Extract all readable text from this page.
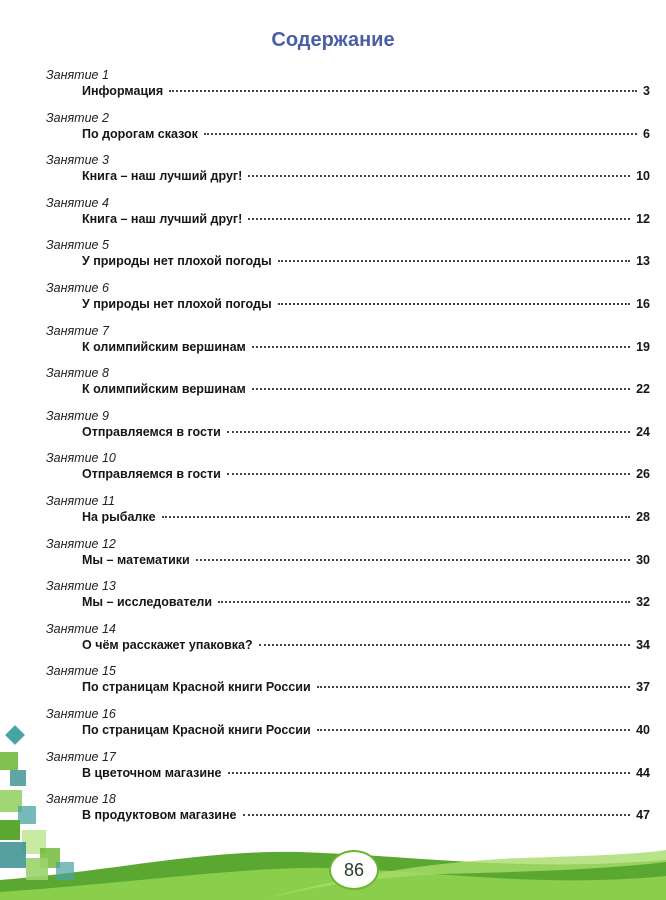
Содержание
Занятие 1
Информация	3
Занятие 2
По дорогам сказок	6
Занятие 3
Книга – наш лучший друг!	10
Занятие 4
Книга – наш лучший друг!	12
Занятие 5
У природы нет плохой погоды	13
Занятие 6
У природы нет плохой погоды	16
Занятие 7
К олимпийским вершинам	19
Занятие 8
К олимпийским вершинам	22
Занятие 9
Отправляемся в гости	24
Занятие 10
Отправляемся в гости	26
Занятие 11
На рыбалке	28
Занятие 12
Мы – математики	30
Занятие 13
Мы – исследователи	32
Занятие 14
О чём расскажет упаковка?	34
Занятие 15
По страницам Красной книги России	37
Занятие 16
По страницам Красной книги России	40
Занятие 17
В цветочном магазине	44
Занятие 18
В продуктовом магазине	47
86
